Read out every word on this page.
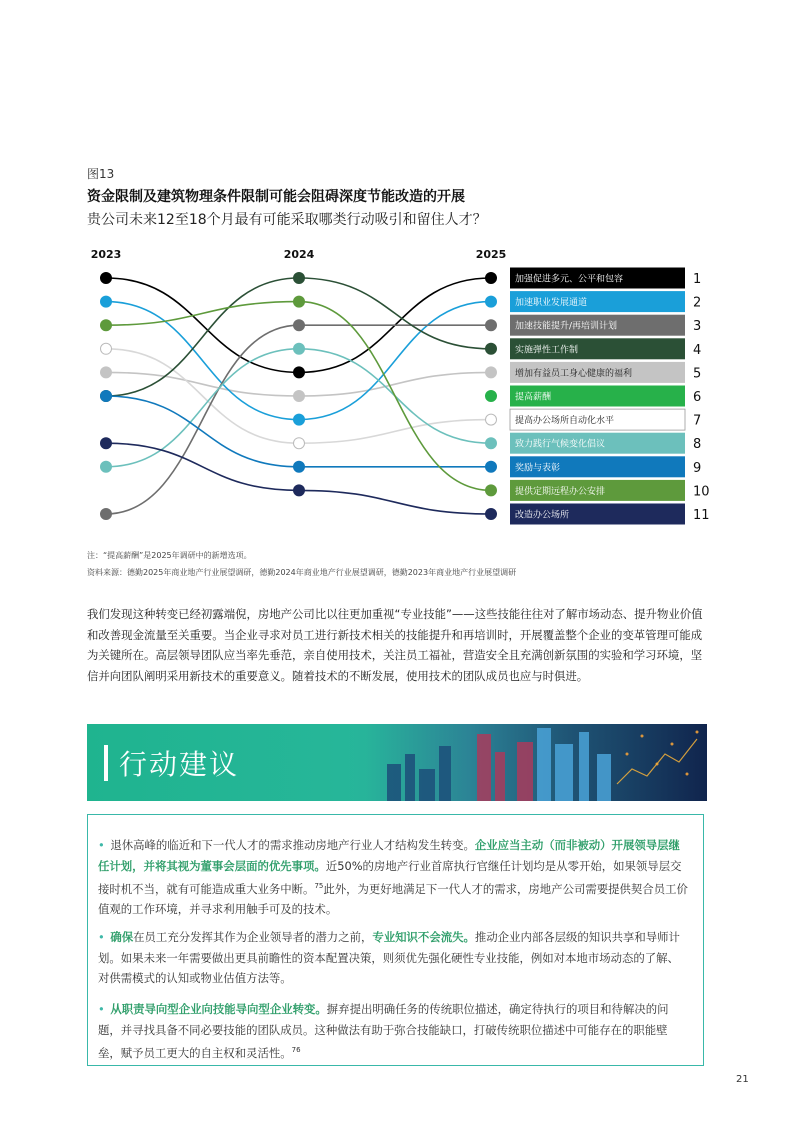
图13
资金限制及建筑物理条件限制可能会阻碍深度节能改造的开展
贵公司未来12至18个月最有可能采取哪类行动吸引和留住人才？
2023	2024	2025
加强促进多元、公平和包容	1
加速职业发展通道	2
加速技能提升/再培训计划	3
实施弹性工作制	4
增加有益员工身心健康的福利	5
提高薪酬	6
提高办公场所自动化水平	7
致力践行气候变化倡议	8
奖励与表彰	9
提供定期远程办公安排	10
改造办公场所	11
注：“提高薪酬”是2025年调研中的新增选项。
资料来源：德勤2025年商业地产行业展望调研，德勤2024年商业地产行业展望调研，德勤2023年商业地产行业展望调研

我们发现这种转变已经初露端倪，房地产公司比以往更加重视“专业技能”——这些技能往往对了解市场动态、提升物业价值和改善现金流量至关重要。当企业寻求对员工进行新技术相关的技能提升和再培训时，开展覆盖整个企业的变革管理可能成为关键所在。高层领导团队应当率先垂范，亲自使用技术，关注员工福祉，营造安全且充满创新氛围的实验和学习环境，坚信并向团队阐明采用新技术的重要意义。随着技术的不断发展，使用技术的团队成员也应与时俱进。

行动建议

• 退休高峰的临近和下一代人才的需求推动房地产行业人才结构发生转变。企业应当主动（而非被动）开展领导层继任计划，并将其视为董事会层面的优先事项。近50%的房地产行业首席执行官继任计划均是从零开始，如果领导层交接时机不当，就有可能造成重大业务中断。$^{75}$此外，为更好地满足下一代人才的需求，房地产公司需要提供契合员工价值观的工作环境，并寻求利用触手可及的技术。

• 确保在员工充分发挥其作为企业领导者的潜力之前，专业知识不会流失。推动企业内部各层级的知识共享和导师计划。如果未来一年需要做出更具前瞻性的资本配置决策，则须优先强化硬性专业技能，例如对本地市场动态的了解、对供需模式的认知或物业估值方法等。

• 从职责导向型企业向技能导向型企业转变。摒弃提出明确任务的传统职位描述，确定待执行的项目和待解决的问题，并寻找具备不同必要技能的团队成员。这种做法有助于弥合技能缺口，打破传统职位描述中可能存在的职能壁垒，赋予员工更大的自主权和灵活性。$^{76}$

21
